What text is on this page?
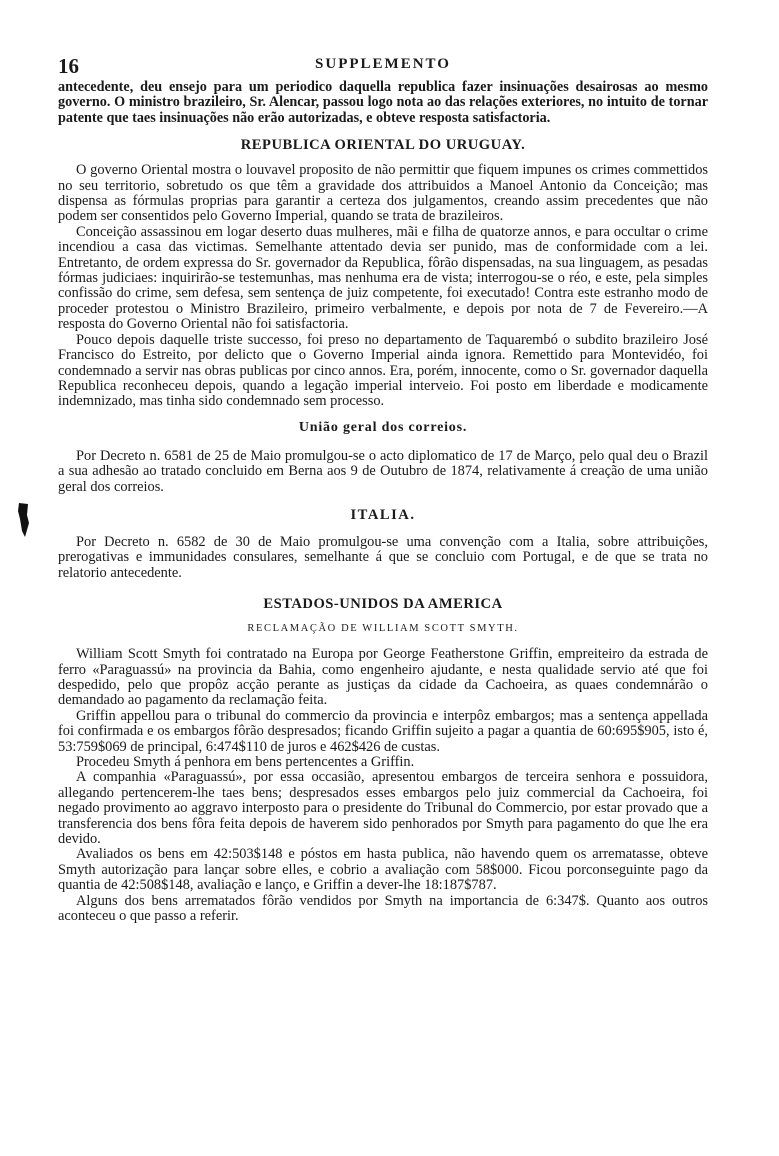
16	SUPPLEMENTO

antecedente, deu ensejo para um periodico daquella republica fazer insinuações desairosas ao mesmo governo. O ministro brazileiro, Sr. Alencar, passou logo nota ao das relações exteriores, no intuito de tornar patente que taes insinuações não erão autorizadas, e obteve resposta satisfactoria.

REPUBLICA ORIENTAL DO URUGUAY.

O governo Oriental mostra o louvavel proposito de não permittir que fiquem impunes os crimes commettidos no seu territorio, sobretudo os que têm a gravidade dos attribuidos a Manoel Antonio da Conceição; mas dispensa as fórmulas proprias para garantir a certeza dos julgamentos, creando assim precedentes que não podem ser consentidos pelo Governo Imperial, quando se trata de brazileiros.

Conceição assassinou em logar deserto duas mulheres, mãi e filha de quatorze annos, e para occultar o crime incendiou a casa das victimas. Semelhante attentado devia ser punido, mas de conformidade com a lei. Entretanto, de ordem expressa do Sr. governador da Republica, fôrão dispensadas, na sua linguagem, as pesadas fórmas judiciaes: inquirirão-se testemunhas, mas nenhuma era de vista; interrogou-se o réo, e este, pela simples confissão do crime, sem defesa, sem sentença de juiz competente, foi executado! Contra este estranho modo de proceder protestou o Ministro Brazileiro, primeiro verbalmente, e depois por nota de 7 de Fevereiro.—A resposta do Governo Oriental não foi satisfactoria.

Pouco depois daquelle triste successo, foi preso no departamento de Taquarembó o subdito brazileiro José Francisco do Estreito, por delicto que o Governo Imperial ainda ignora. Remettido para Montevidéo, foi condemnado a servir nas obras publicas por cinco annos. Era, porém, innocente, como o Sr. governador daquella Republica reconheceu depois, quando a legação imperial interveio. Foi posto em liberdade e modicamente indemnizado, mas tinha sido condemnado sem processo.

União geral dos correios.

Por Decreto n. 6581 de 25 de Maio promulgou-se o acto diplomatico de 17 de Março, pelo qual deu o Brazil a sua adhesão ao tratado concluido em Berna aos 9 de Outubro de 1874, relativamente á creação de uma união geral dos correios.

ITALIA.

Por Decreto n. 6582 de 30 de Maio promulgou-se uma convenção com a Italia, sobre attribuições, prerogativas e immunidades consulares, semelhante á que se concluio com Portugal, e de que se trata no relatorio antecedente.

ESTADOS-UNIDOS DA AMERICA
RECLAMAÇÃO DE WILLIAM SCOTT SMYTH.

William Scott Smyth foi contratado na Europa por George Featherstone Griffin, empreiteiro da estrada de ferro «Paraguassú» na provincia da Bahia, como engenheiro ajudante, e nesta qualidade servio até que foi despedido, pelo que propôz acção perante as justiças da cidade da Cachoeira, as quaes condemnárão o demandado ao pagamento da reclamação feita.

Griffin appellou para o tribunal do commercio da provincia e interpôz embargos; mas a sentença appellada foi confirmada e os embargos fôrão despresados; ficando Griffin sujeito a pagar a quantia de 60:695$905, isto é, 53:759$069 de principal, 6:474$110 de juros e 462$426 de custas.

Procedeu Smyth á penhora em bens pertencentes a Griffin.

A companhia «Paraguassú», por essa occasião, apresentou embargos de terceira senhora e possuidora, allegando pertencerem-lhe taes bens; despresados esses embargos pelo juiz commercial da Cachoeira, foi negado provimento ao aggravo interposto para o presidente do Tribunal do Commercio, por estar provado que a transferencia dos bens fôra feita depois de haverem sido penhorados por Smyth para pagamento do que lhe era devido.

Avaliados os bens em 42:503$148 e póstos em hasta publica, não havendo quem os arrematasse, obteve Smyth autorização para lançar sobre elles, e cobrio a avaliação com 58$000. Ficou porconseguinte pago da quantia de 42:508$148, avaliação e lanço, e Griffin a dever-lhe 18:187$787.

Alguns dos bens arrematados fôrão vendidos por Smyth na importancia de 6:347$. Quanto aos outros aconteceu o que passo a referir.
